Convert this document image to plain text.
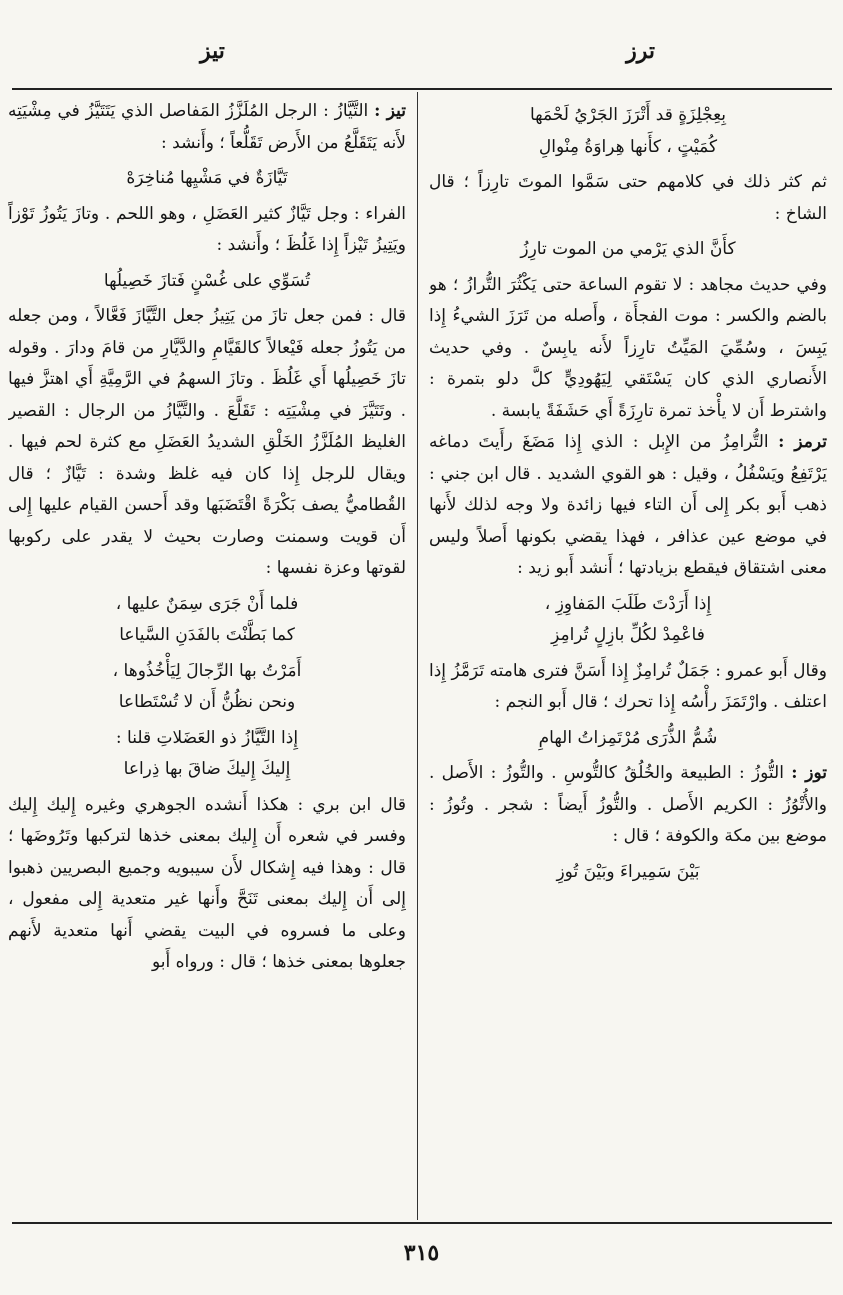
ترز
تيز
بِعِجْلِزَةٍ قد أَتْرَزَ الجَرْيُ لَحْمَها
كُمَيْتٍ ، كأَنها هِراوَةُ مِنْوالِ

ثم كثر ذلك في كلامهم حتى سَمَّوا الموتَ تارِزاً ؛ قال الشاخ :

كأَنَّ الذي يَرْمي من الموت تارِزُ

وفي حديث مجاهد : لا تقوم الساعة حتى يَكْثُرَ التُّرازُ ؛ هو بالضم والكسر : موت الفجأَة ، وأَصله من تَرَزَ الشيءُ إِذا يَبِسَ ، وسُمِّيَ المَيِّتُ تارِزاً لأَنه يابِسٌ . وفي حديث الأَنصاري الذي كان يَسْتَقي لِيَهُودِيٍّ كلَّ دلو بتمرة : واشترط أَن لا يأْخذ تمرة تارِزَةً أَي حَشَفَةً يابسة .

ترمز : التُّرامِزُ من الإِبل : الذي إِذا مَضَغَ رأَيتَ دماغه يَرْتَفِعُ ويَسْفُلُ ، وقيل : هو القوي الشديد . قال ابن جني : ذهب أَبو بكر إِلى أَن التاء فيها زائدة ولا وجه لذلك لأَنها في موضع عين عذافر ، فهذا يقضي بكونها أَصلاً وليس معنى اشتقاق فيقطع بزيادتها ؛ أَنشد أَبو زيد :

إِذا أَرَدْتَ طَلَبَ المَفاوِزِ ،
فاعْمِدْ لكُلِّ بازِلٍ تُرامِزِ

وقال أَبو عمرو : جَمَلٌ تُرامِزٌ إِذا أَسَنَّ فترى هامته تَرَمَّزُ إِذا اعتلف . وارْتَمَزَ رأْسُه إِذا تحرك ؛ قال أَبو النجم :

شُمُّ الذُّرَى مُرْتَمِزاتُ الهامِ

توز : التُّوزُ : الطبيعة والخُلُقُ كالتُّوسِ . والتُّوزُ : الأَصل . والأُتْوُزُ : الكريم الأَصل . والتُّوزُ أَيضاً : شجر . وتُوزُ : موضع بين مكة والكوفة ؛ قال :

بَيْنَ سَمِيراءَ وبَيْنَ تُوزِ

تيز : التَّيَّازُ : الرجل المُلَزَّزُ المَفاصل الذي يَتَتَيَّزُ في مِشْيَتِه لأَنه يَتَقَلَّعُ من الأَرض تَقَلُّعاً ؛ وأَنشد :

تَيَّازَةٌ في مَشْيِها مُناخِرَهْ

الفراء : وجل تَيَّازٌ كثير العَضَلِ ، وهو اللحم . وتازَ يَتُوزُ تَوْزاً ويَتِيزُ تَيْزاً إِذا غَلُظَ ؛ وأَنشد :

تُسَوِّي على غُسْنٍ فَتازَ خَصِيلُها

قال : فمن جعل تازَ من يَتِيزُ جعل التَّيَّازَ فَعَّالاً ، ومن جعله من يَتُوزُ جعله فَيْعالاً كالقَيَّامِ والدَّيَّارِ من قامَ ودارَ . وقوله تازَ خَصِيلُها أَي غَلُظَ . وتازَ السهمُ في الرَّمِيَّةِ أَي اهتزَّ فيها . وتَتَيَّزَ في مِشْيَتِه : تَقَلَّعَ . والتَّيَّازُ من الرجال : القصير الغليظ المُلَزَّزُ الخَلْقِ الشديدُ العَضَلِ مع كثرة لحم فيها . ويقال للرجل إِذا كان فيه غلظ وشدة : تَيَّازٌ ؛ قال القُطاميُّ يصف بَكْرَةً اقْتَضَبَها وقد أَحسن القيام عليها إِلى أَن قويت وسمنت وصارت بحيث لا يقدر على ركوبها لقوتها وعزة نفسها :

فلما أَنْ جَرَى سِمَنٌ عليها ،
كما بَطَّنْتَ بالفَدَنِ السَّياعا
أَمَرْتُ بها الرِّجالَ لِيَأْخُذُوها ،
ونحن نظُنُّ أَن لا تُسْتَطاعا
إِذا التَّيَّازُ ذو العَضَلاتِ قلنا :
إِليكَ إِليكَ ضاقَ بها ذِراعا

قال ابن بري : هكذا أَنشده الجوهري وغيره إِليك إِليك وفسر في شعره أَن إِليك بمعنى خذها لتركبها وتَرُوضَها ؛ قال : وهذا فيه إِشكال لأَن سيبويه وجميع البصريين ذهبوا إِلى أَن إِليك بمعنى تَنَحَّ وأَنها غير متعدية إِلى مفعول ، وعلى ما فسروه في البيت يقضي أَنها متعدية لأَنهم جعلوها بمعنى خذها ؛ قال : ورواه أَبو

٣١٥
